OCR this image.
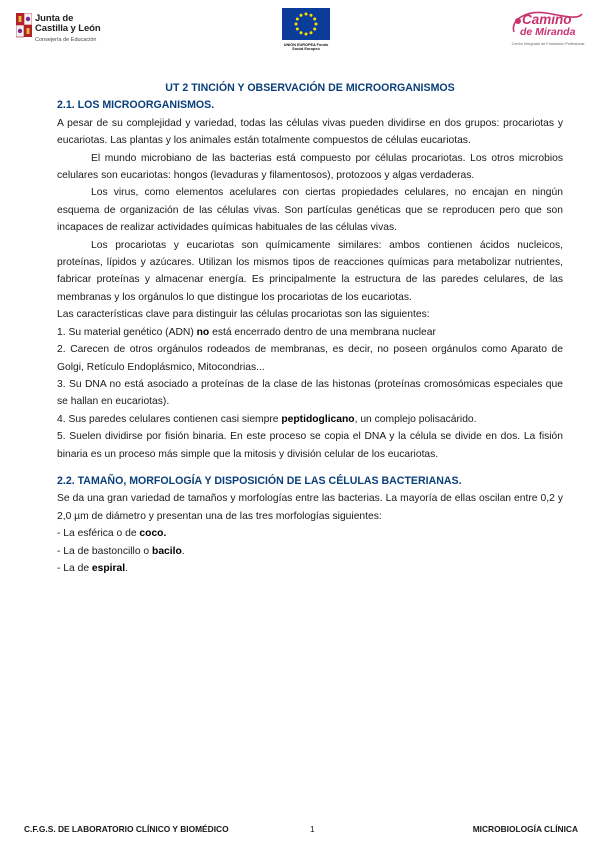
Junta de
Castilla y León
Consejería de Educación
UNIÓN EUROPEA Fondo Social Europeo
Camino
de Miranda
Centro Integrado de Formación Profesional

UT 2 TINCIÓN Y OBSERVACIÓN DE MICROORGANISMOS

2.1. LOS MICROORGANISMOS.

A pesar de su complejidad y variedad, todas las células vivas pueden dividirse en dos grupos: procariotas y eucariotas. Las plantas y los animales están totalmente compuestos de células eucariotas.

El mundo microbiano de las bacterias está compuesto por células procariotas. Los otros microbios celulares son eucariotas: hongos (levaduras y filamentosos), protozoos y algas verdaderas.

Los virus, como elementos acelulares con ciertas propiedades celulares, no encajan en ningún esquema de organización de las células vivas. Son partículas genéticas que se reproducen pero que son incapaces de realizar actividades químicas habituales de las células vivas.

Los procariotas y eucariotas son químicamente similares: ambos contienen ácidos nucleicos, proteínas, lípidos y azúcares. Utilizan los mismos tipos de reacciones químicas para metabolizar nutrientes, fabricar proteínas y almacenar energía. Es principalmente la estructura de las paredes celulares, de las membranas y los orgánulos lo que distingue los procariotas de los eucariotas.

Las características clave para distinguir las células procariotas son las siguientes:

1. Su material genético (ADN) no está encerrado dentro de una membrana nuclear

2. Carecen de otros orgánulos rodeados de membranas, es decir, no poseen orgánulos como Aparato de Golgi, Retículo Endoplásmico, Mitocondrias...

3. Su DNA no está asociado a proteínas de la clase de las histonas (proteínas cromosómicas especiales que se hallan en eucariotas).

4. Sus paredes celulares contienen casi siempre peptidoglicano, un complejo polisacárido.

5. Suelen dividirse por fisión binaria. En este proceso se copia el DNA y la célula se divide en dos. La fisión binaria es un proceso más simple que la mitosis y división celular de los eucariotas.

2.2. TAMAÑO, MORFOLOGÍA Y DISPOSICIÓN DE LAS CÉLULAS BACTERIANAS.

Se da una gran variedad de tamaños y morfologías entre las bacterias. La mayoría de ellas oscilan entre 0,2 y 2,0 µm de diámetro y presentan una de las tres morfologías siguientes:

- La esférica o de coco.

- La de bastoncillo o bacilo.

- La de espiral.

C.F.G.S. DE LABORATORIO CLÍNICO Y BIOMÉDICO	1	MICROBIOLOGÍA CLÍNICA
